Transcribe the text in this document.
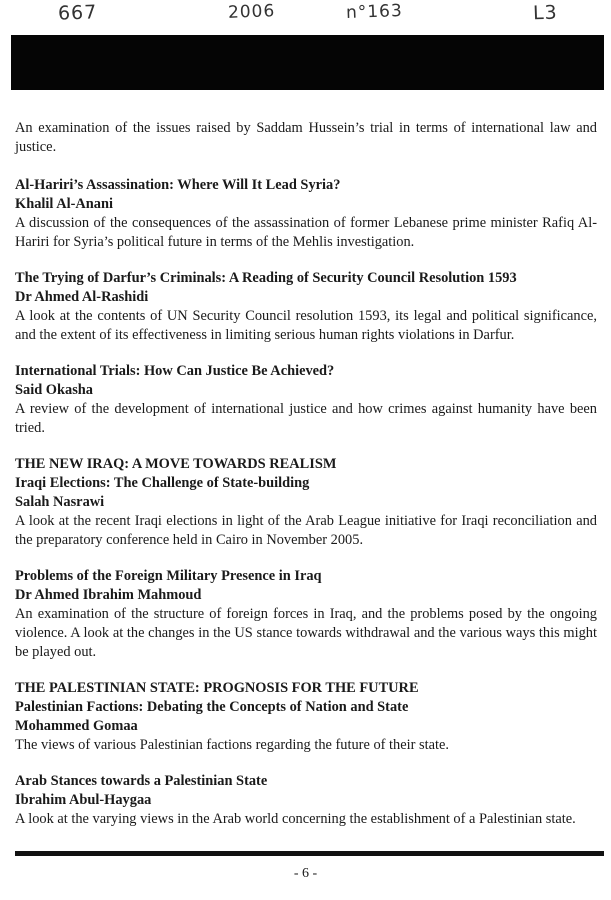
667	2006	n°163	L3

An examination of the issues raised by Saddam Hussein’s trial in terms of international law and justice.

Al-Hariri’s Assassination: Where Will It Lead Syria?

Khalil Al-Anani

A discussion of the consequences of the assassination of former Lebanese prime minister Rafiq Al-Hariri for Syria’s political future in terms of the Mehlis investigation.

The Trying of Darfur’s Criminals: A Reading of Security Council Resolution 1593

Dr Ahmed Al-Rashidi

A look at the contents of UN Security Council resolution 1593, its legal and political significance, and the extent of its effectiveness in limiting serious human rights violations in Darfur.

International Trials: How Can Justice Be Achieved?

Said Okasha

A review of the development of international justice and how crimes against humanity have been tried.

THE NEW IRAQ: A MOVE TOWARDS REALISM

Iraqi Elections: The Challenge of State-building

Salah Nasrawi

A look at the recent Iraqi elections in light of the Arab League initiative for Iraqi reconciliation and the preparatory conference held in Cairo in November 2005.

Problems of the Foreign Military Presence in Iraq

Dr Ahmed Ibrahim Mahmoud

An examination of the structure of foreign forces in Iraq, and the problems posed by the ongoing violence. A look at the changes in the US stance towards withdrawal and the various ways this might be played out.

THE PALESTINIAN STATE: PROGNOSIS FOR THE FUTURE

Palestinian Factions: Debating the Concepts of Nation and State

Mohammed Gomaa

The views of various Palestinian factions regarding the future of their state.

Arab Stances towards a Palestinian State

Ibrahim Abul-Haygaa

A look at the varying views in the Arab world concerning the establishment of a Palestinian state.

- 6 -
